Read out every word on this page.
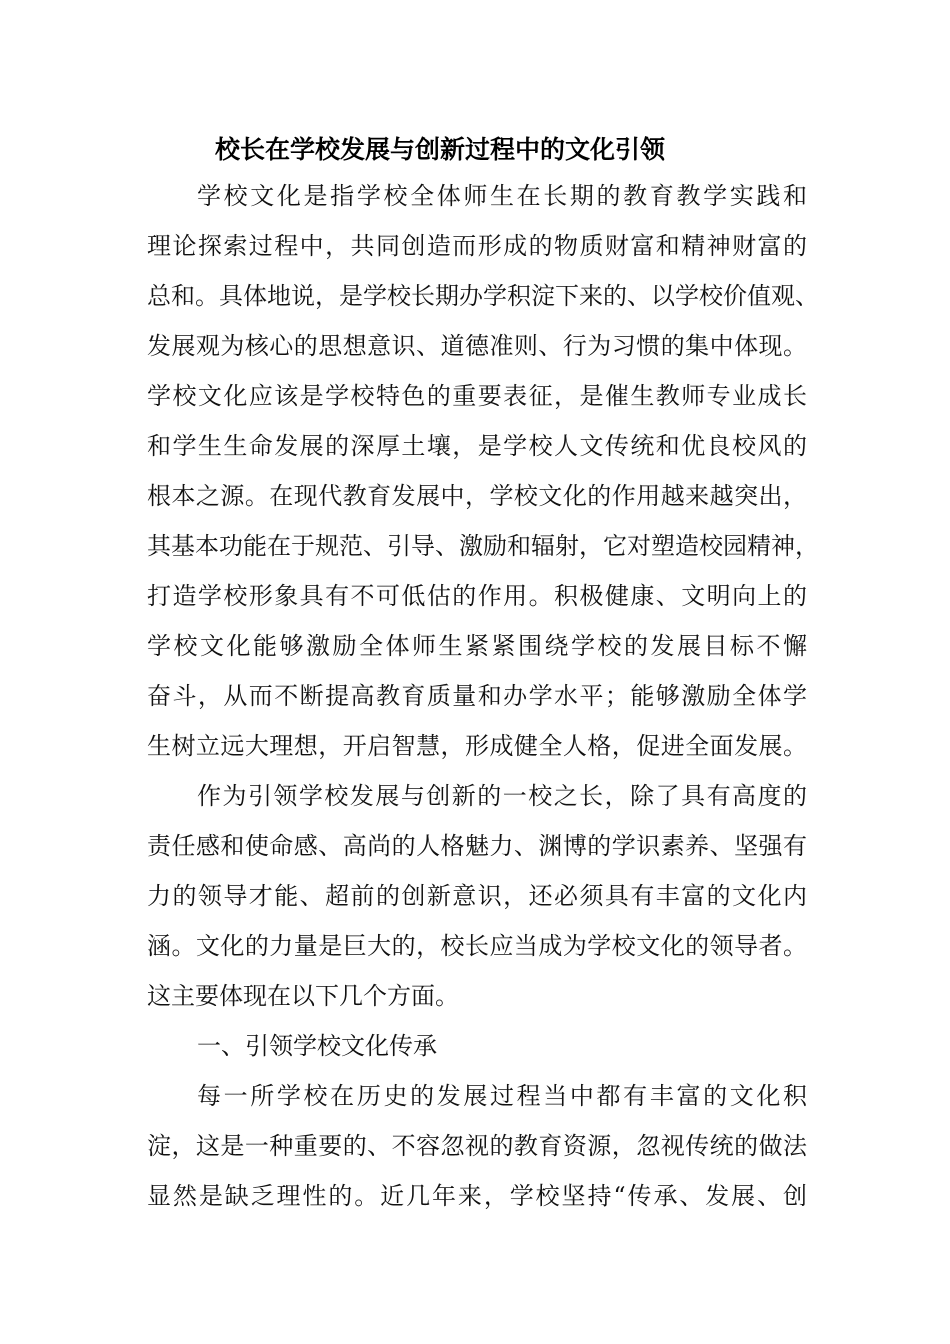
校长在学校发展与创新过程中的文化引领

学校文化是指学校全体师生在长期的教育教学实践和

理论探索过程中，共同创造而形成的物质财富和精神财富的

总和。具体地说，是学校长期办学积淀下来的、以学校价值观、

发展观为核心的思想意识、道德准则、行为习惯的集中体现。

学校文化应该是学校特色的重要表征，是催生教师专业成长

和学生生命发展的深厚土壤，是学校人文传统和优良校风的

根本之源。在现代教育发展中，学校文化的作用越来越突出，

其基本功能在于规范、引导、激励和辐射，它对塑造校园精神，

打造学校形象具有不可低估的作用。积极健康、文明向上的

学校文化能够激励全体师生紧紧围绕学校的发展目标不懈

奋斗，从而不断提高教育质量和办学水平；能够激励全体学

生树立远大理想，开启智慧，形成健全人格，促进全面发展。

作为引领学校发展与创新的一校之长，除了具有高度的

责任感和使命感、高尚的人格魅力、渊博的学识素养、坚强有

力的领导才能、超前的创新意识，还必须具有丰富的文化内

涵。文化的力量是巨大的，校长应当成为学校文化的领导者。

这主要体现在以下几个方面。

一、引领学校文化传承

每一所学校在历史的发展过程当中都有丰富的文化积

淀，这是一种重要的、不容忽视的教育资源，忽视传统的做法

显然是缺乏理性的。近几年来，学校坚持“传承、发展、创
